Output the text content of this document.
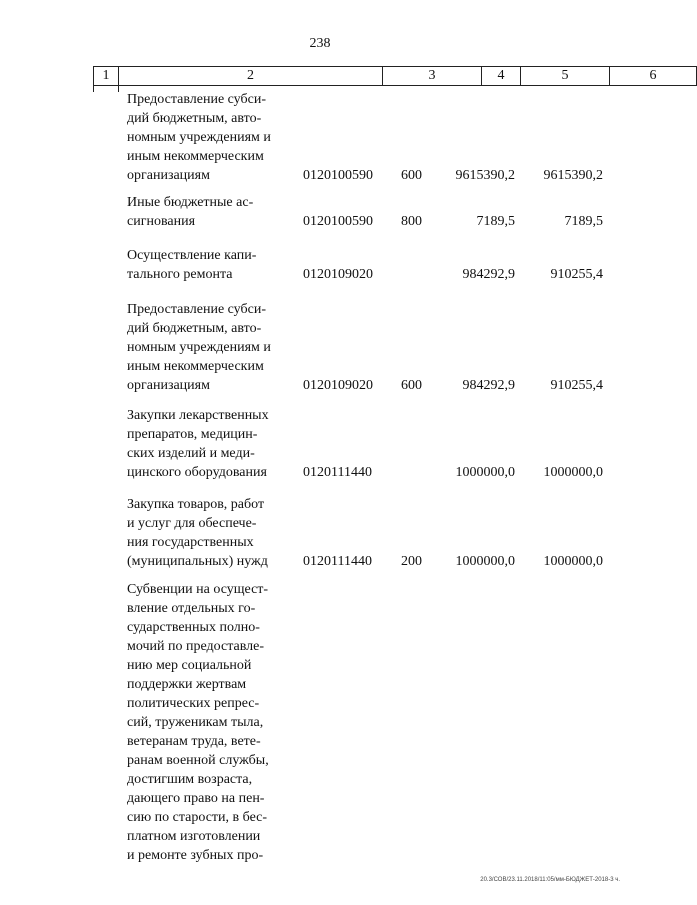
238
1	2	3	4	5	6
Предоставление субси-
дий бюджетным, авто-
номным учреждениям и
иным некоммерческим
организациям	0120100590 600 9615390,2 9615390,2
Иные бюджетные ас-
сигнования	0120100590 800	7189,5	7189,5
Осуществление капи-
тального ремонта	0120109020	984292,9	910255,4
Предоставление субси-
дий бюджетным, авто-
номным учреждениям и
иным некоммерческим
организациям	0120109020 600	984292,9	910255,4
Закупки лекарственных
препаратов, медицин-
ских изделий и меди-
цинского оборудования	0120111440	1000000,0 1000000,0
Закупка товаров, работ
и услуг для обеспече-
ния государственных
(муниципальных) нужд	0120111440 200 1000000,0 1000000,0
Субвенции на осущест-
вление отдельных го-
сударственных полно-
мочий по предоставле-
нию мер социальной
поддержки жертвам
политических репрес-
сий, труженикам тыла,
ветеранам труда, вете-
ранам военной службы,
достигшим возраста,
дающего право на пен-
сию по старости, в бес-
платном изготовлении
и ремонте зубных про-
20.3/СОВ/23.11.2018/11:05/мм-БЮДЖЕТ-2018-3 ч.
